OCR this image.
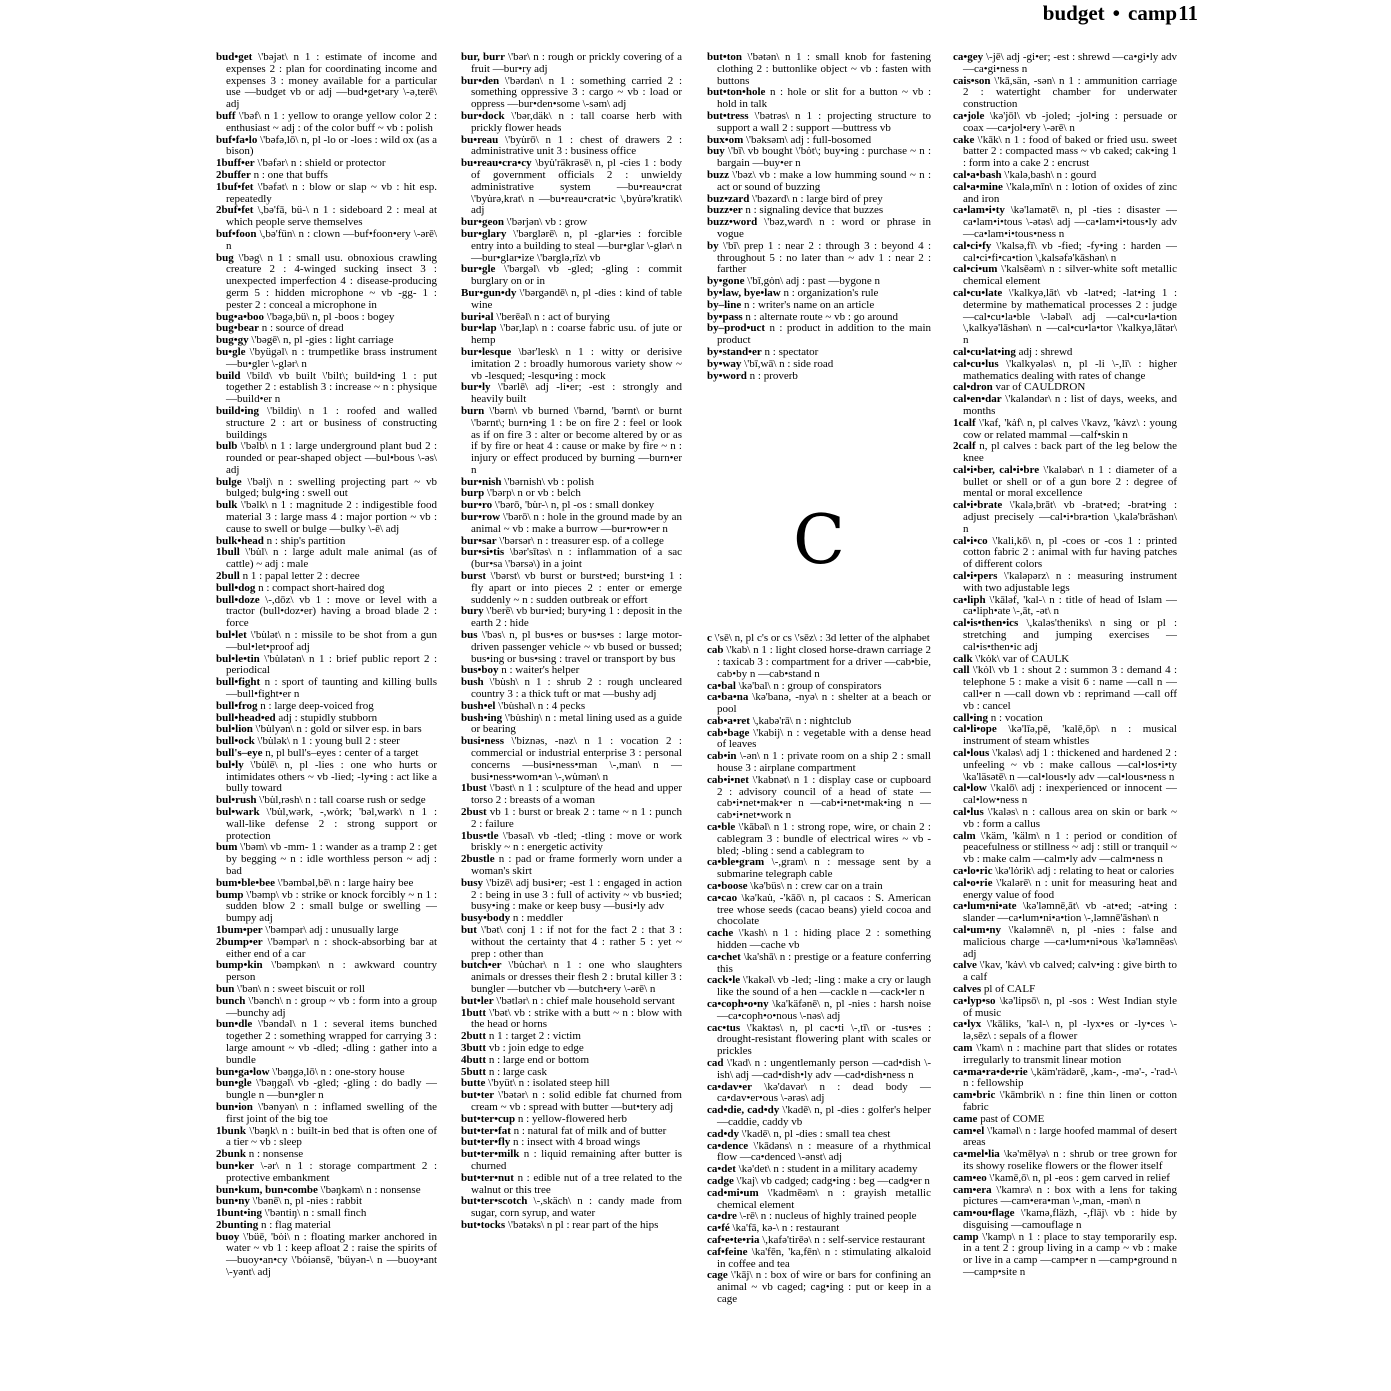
budget • camp 11

bud•get \'bəjət\ n 1 : estimate of income and expenses 2 : plan for coordinating income and expenses 3 : money available for a particular use —budget vb or adj —bud•get•ary \-ə,terē\ adj

buff \'bəf\ n 1 : yellow to orange yellow color 2 : enthusiast ~ adj : of the color buff ~ vb : polish

buf•fa•lo \'bəfə,lō\ n, pl -lo or -loes : wild ox (as a bison)

1buff•er \'bəfər\ n : shield or protector

2buffer n : one that buffs

1buf•fet \'bəfət\ n : blow or slap ~ vb : hit esp. repeatedly

2buf•fet \,bə'fā, bü-\ n 1 : sideboard 2 : meal at which people serve themselves

buf•foon \,bə'fün\ n : clown —buf•foon•ery \-ərē\ n

bug \'bəg\ n 1 : small usu. obnoxious crawling creature 2 : 4-winged sucking insect 3 : unexpected imperfection 4 : disease-producing germ 5 : hidden microphone ~ vb -gg- 1 : pester 2 : conceal a microphone in

bug•a•boo \'bəgə,bü\ n, pl -boos : bogey

bug•bear n : source of dread

bug•gy \'bəgē\ n, pl -gies : light carriage

bu•gle \'byügəl\ n : trumpetlike brass instrument —bu•gler \-glər\ n

build \'bild\ vb built \'bilt\; build•ing 1 : put together 2 : establish 3 : increase ~ n : physique —build•er n

build•ing \'bildiŋ\ n 1 : roofed and walled structure 2 : art or business of constructing buildings

bulb \'bəlb\ n 1 : large underground plant bud 2 : rounded or pear-shaped object —bul•bous \-əs\ adj

bulge \'bəlj\ n : swelling projecting part ~ vb bulged; bulg•ing : swell out

bulk \'bəlk\ n 1 : magnitude 2 : indigestible food material 3 : large mass 4 : major portion ~ vb : cause to swell or bulge —bulky \-ē\ adj

bulk•head n : ship's partition

1bull \'bu̇l\ n : large adult male animal (as of cattle) ~ adj : male

2bull n 1 : papal letter 2 : decree

bull•dog n : compact short-haired dog

bull•doze \-,dōz\ vb 1 : move or level with a tractor (bull•doz•er) having a broad blade 2 : force

bul•let \'bu̇lət\ n : missile to be shot from a gun —bul•let•proof adj

bul•le•tin \'bu̇lətən\ n 1 : brief public report 2 : periodical

bull•fight n : sport of taunting and killing bulls —bull•fight•er n

bull•frog n : large deep-voiced frog

bull•head•ed adj : stupidly stubborn

bul•lion \'bu̇lyən\ n : gold or silver esp. in bars

bull•ock \'bu̇lək\ n 1 : young bull 2 : steer

bull's–eye n, pl bull's–eyes : center of a target

bul•ly \'bu̇lē\ n, pl -lies : one who hurts or intimidates others ~ vb -lied; -ly•ing : act like a bully toward

bul•rush \'bu̇l,rəsh\ n : tall coarse rush or sedge

bul•wark \'bu̇l,wərk, -,wȯrk; 'bəl,wərk\ n 1 : wall-like defense 2 : strong support or protection

bum \'bəm\ vb -mm- 1 : wander as a tramp 2 : get by begging ~ n : idle worthless person ~ adj : bad

bum•ble•bee \'bəmbəl,bē\ n : large hairy bee

bump \'bəmp\ vb : strike or knock forcibly ~ n 1 : sudden blow 2 : small bulge or swelling —bumpy adj

1bum•per \'bəmpər\ adj : unusually large

2bump•er \'bəmpər\ n : shock-absorbing bar at either end of a car

bump•kin \'bəmpkən\ n : awkward country person

bun \'bən\ n : sweet biscuit or roll

bunch \'bənch\ n : group ~ vb : form into a group —bunchy adj

bun•dle \'bəndəl\ n 1 : several items bunched together 2 : something wrapped for carrying 3 : large amount ~ vb -dled; -dling : gather into a bundle

bun•ga•low \'bəŋgə,lō\ n : one-story house

bun•gle \'bəŋgəl\ vb -gled; -gling : do badly —bungle n —bun•gler n

bun•ion \'bənyən\ n : inflamed swelling of the first joint of the big toe

1bunk \'bəŋk\ n : built-in bed that is often one of a tier ~ vb : sleep

2bunk n : nonsense

bun•ker \-ər\ n 1 : storage compartment 2 : protective embankment

bun•kum, bun•combe \'bəŋkəm\ n : nonsense

bun•ny \'bənē\ n, pl -nies : rabbit

1bunt•ing \'bəntiŋ\ n : small finch

2bunting n : flag material

buoy \'büē, 'bȯi\ n : floating marker anchored in water ~ vb 1 : keep afloat 2 : raise the spirits of —buoy•an•cy \'bȯiənsē, 'büyən-\ n —buoy•ant \-yənt\ adj

bur, burr \'bər\ n : rough or prickly covering of a fruit —bur•ry adj

bur•den \'bərdən\ n 1 : something carried 2 : something oppressive 3 : cargo ~ vb : load or oppress —bur•den•some \-səm\ adj

bur•dock \'bər,däk\ n : tall coarse herb with prickly flower heads

bu•reau \'byu̇rō\ n 1 : chest of drawers 2 : administrative unit 3 : business office

bu•reau•cra•cy \byu̇'räkrəsē\ n, pl -cies 1 : body of government officials 2 : unwieldy administrative system —bu•reau•crat \'byu̇rə,krat\ n —bu•reau•crat•ic \,byu̇rə'kratik\ adj

bur•geon \'bərjən\ vb : grow

bur•glary \'bərglərē\ n, pl -glar•ies : forcible entry into a building to steal —bur•glar \-glər\ n —bur•glar•ize \'bərglə,rīz\ vb

bur•gle \'bərgəl\ vb -gled; -gling : commit burglary on or in

Bur•gun•dy \'bərgəndē\ n, pl -dies : kind of table wine

buri•al \'berēəl\ n : act of burying

bur•lap \'bər,lap\ n : coarse fabric usu. of jute or hemp

bur•lesque \bər'lesk\ n 1 : witty or derisive imitation 2 : broadly humorous variety show ~ vb -lesqued; -lesqu•ing : mock

bur•ly \'bərlē\ adj -li•er; -est : strongly and heavily built

burn \'bərn\ vb burned \'bərnd, 'bərnt\ or burnt \'bərnt\; burn•ing 1 : be on fire 2 : feel or look as if on fire 3 : alter or become altered by or as if by fire or heat 4 : cause or make by fire ~ n : injury or effect produced by burning —burn•er n

bur•nish \'bərnish\ vb : polish

burp \'bərp\ n or vb : belch

bur•ro \'bərō, 'bu̇r-\ n, pl -os : small donkey

bur•row \'bərō\ n : hole in the ground made by an animal ~ vb : make a burrow —bur•row•er n

bur•sar \'bərsər\ n : treasurer esp. of a college

bur•si•tis \bər'sītəs\ n : inflammation of a sac (bur•sa \'bərsə\) in a joint

burst \'bərst\ vb burst or burst•ed; burst•ing 1 : fly apart or into pieces 2 : enter or emerge suddenly ~ n : sudden outbreak or effort

bury \'berē\ vb bur•ied; bury•ing 1 : deposit in the earth 2 : hide

bus \'bəs\ n, pl bus•es or bus•ses : large motor-driven passenger vehicle ~ vb bused or bussed; bus•ing or bus•sing : travel or transport by bus

bus•boy n : waiter's helper

bush \'bu̇sh\ n 1 : shrub 2 : rough uncleared country 3 : a thick tuft or mat —bushy adj

bush•el \'bu̇shəl\ n : 4 pecks

bush•ing \'bu̇shiŋ\ n : metal lining used as a guide or bearing

busi•ness \'biznəs, -nəz\ n 1 : vocation 2 : commercial or industrial enterprise 3 : personal concerns —busi•ness•man \-,man\ n —busi•ness•wom•an \-,wu̇mən\ n

1bust \'bəst\ n 1 : sculpture of the head and upper torso 2 : breasts of a woman

2bust vb 1 : burst or break 2 : tame ~ n 1 : punch 2 : failure

1bus•tle \'bəsəl\ vb -tled; -tling : move or work briskly ~ n : energetic activity

2bustle n : pad or frame formerly worn under a woman's skirt

busy \'bizē\ adj busi•er; -est 1 : engaged in action 2 : being in use 3 : full of activity ~ vb bus•ied; busy•ing : make or keep busy —busi•ly adv

busy•body n : meddler

but \'bət\ conj 1 : if not for the fact 2 : that 3 : without the certainty that 4 : rather 5 : yet ~ prep : other than

butch•er \'bu̇chər\ n 1 : one who slaughters animals or dresses their flesh 2 : brutal killer 3 : bungler —butcher vb —butch•ery \-ərē\ n

but•ler \'bətlər\ n : chief male household servant

1butt \'bət\ vb : strike with a butt ~ n : blow with the head or horns

2butt n 1 : target 2 : victim

3butt vb : join edge to edge

4butt n : large end or bottom

5butt n : large cask

butte \'byüt\ n : isolated steep hill

but•ter \'bətər\ n : solid edible fat churned from cream ~ vb : spread with butter —but•tery adj

but•ter•cup n : yellow-flowered herb

but•ter•fat n : natural fat of milk and of butter

but•ter•fly n : insect with 4 broad wings

but•ter•milk n : liquid remaining after butter is churned

but•ter•nut n : edible nut of a tree related to the walnut or this tree

but•ter•scotch \-,skäch\ n : candy made from sugar, corn syrup, and water

but•tocks \'bətəks\ n pl : rear part of the hips

but•ton \'bətən\ n 1 : small knob for fastening clothing 2 : buttonlike object ~ vb : fasten with buttons

but•ton•hole n : hole or slit for a button ~ vb : hold in talk

but•tress \'bətrəs\ n 1 : projecting structure to support a wall 2 : support —buttress vb

bux•om \'bəksəm\ adj : full-bosomed

buy \'bī\ vb bought \'bȯt\; buy•ing : purchase ~ n : bargain —buy•er n

buzz \'bəz\ vb : make a low humming sound ~ n : act or sound of buzzing

buz•zard \'bəzərd\ n : large bird of prey

buzz•er n : signaling device that buzzes

buzz•word \'bəz,wərd\ n : word or phrase in vogue

by \'bī\ prep 1 : near 2 : through 3 : beyond 4 : throughout 5 : no later than ~ adv 1 : near 2 : farther

by•gone \'bī,gȯn\ adj : past —bygone n

by•law, bye•law n : organization's rule

by–line n : writer's name on an article

by•pass n : alternate route ~ vb : go around

by–prod•uct n : product in addition to the main product

by•stand•er n : spectator

by•way \'bī,wā\ n : side road

by•word n : proverb

C

c \'sē\ n, pl c's or cs \'sēz\ : 3d letter of the alphabet

cab \'kab\ n 1 : light closed horse-drawn carriage 2 : taxicab 3 : compartment for a driver —cab•bie, cab•by n —cab•stand n

ca•bal \kə'bal\ n : group of conspirators

ca•ba•na \kə'banə, -nyə\ n : shelter at a beach or pool

cab•a•ret \,kabə'rā\ n : nightclub

cab•bage \'kabij\ n : vegetable with a dense head of leaves

cab•in \-ən\ n 1 : private room on a ship 2 : small house 3 : airplane compartment

cab•i•net \'kabnət\ n 1 : display case or cupboard 2 : advisory council of a head of state —cab•i•net•mak•er n —cab•i•net•mak•ing n —cab•i•net•work n

ca•ble \'kābəl\ n 1 : strong rope, wire, or chain 2 : cablegram 3 : bundle of electrical wires ~ vb -bled; -bling : send a cablegram to

ca•ble•gram \-,gram\ n : message sent by a submarine telegraph cable

ca•boose \kə'büs\ n : crew car on a train

ca•cao \kə'kau̇, -'kāō\ n, pl cacaos : S. American tree whose seeds (cacao beans) yield cocoa and chocolate

cache \'kash\ n 1 : hiding place 2 : something hidden —cache vb

ca•chet \ka'shā\ n : prestige or a feature conferring this

cack•le \'kakəl\ vb -led; -ling : make a cry or laugh like the sound of a hen —cackle n —cack•ler n

ca•coph•o•ny \ka'käfənē\ n, pl -nies : harsh noise —ca•coph•o•nous \-nəs\ adj

cac•tus \'kaktəs\ n, pl cac•ti \-,tī\ or -tus•es : drought-resistant flowering plant with scales or prickles

cad \'kad\ n : ungentlemanly person —cad•dish \-ish\ adj —cad•dish•ly adv —cad•dish•ness n

ca•dav•er \kə'davər\ n : dead body —ca•dav•er•ous \-ərəs\ adj

cad•die, cad•dy \'kadē\ n, pl -dies : golfer's helper —caddie, caddy vb

cad•dy \'kadē\ n, pl -dies : small tea chest

ca•dence \'kādəns\ n : measure of a rhythmical flow —ca•denced \-ənst\ adj

ca•det \kə'det\ n : student in a military academy

cadge \'kaj\ vb cadged; cadg•ing : beg —cadg•er n

cad•mi•um \'kadmēəm\ n : grayish metallic chemical element

ca•dre \-rē\ n : nucleus of highly trained people

ca•fé \ka'fā, kə-\ n : restaurant

caf•e•te•ria \,kafə'tirēə\ n : self-service restaurant

caf•feine \ka'fēn, 'ka,fēn\ n : stimulating alkaloid in coffee and tea

cage \'kāj\ n : box of wire or bars for confining an animal ~ vb caged; cag•ing : put or keep in a cage

ca•gey \-jē\ adj -gi•er; -est : shrewd —ca•gi•ly adv —ca•gi•ness n

cais•son \'kā,sän, -sən\ n 1 : ammunition carriage 2 : watertight chamber for underwater construction

ca•jole \kə'jōl\ vb -joled; -jol•ing : persuade or coax —ca•jol•ery \-ərē\ n

cake \'kāk\ n 1 : food of baked or fried usu. sweet batter 2 : compacted mass ~ vb caked; cak•ing 1 : form into a cake 2 : encrust

cal•a•bash \'kalə,bash\ n : gourd

cal•a•mine \'kalə,mīn\ n : lotion of oxides of zinc and iron

ca•lam•i•ty \kə'lamətē\ n, pl -ties : disaster —ca•lam•i•tous \-ətəs\ adj —ca•lam•i•tous•ly adv —ca•lam•i•tous•ness n

cal•ci•fy \'kalsə,fī\ vb -fied; -fy•ing : harden —cal•ci•fi•ca•tion \,kalsəfə'kāshən\ n

cal•ci•um \'kalsēəm\ n : silver-white soft metallic chemical element

cal•cu•late \'kalkyə,lāt\ vb -lat•ed; -lat•ing 1 : determine by mathematical processes 2 : judge —cal•cu•la•ble \-ləbəl\ adj —cal•cu•la•tion \,kalkyə'lāshən\ n —cal•cu•la•tor \'kalkyə,lātər\ n

cal•cu•lat•ing adj : shrewd

cal•cu•lus \'kalkyələs\ n, pl -li \-,lī\ : higher mathematics dealing with rates of change

cal•dron var of CAULDRON

cal•en•dar \'kaləndər\ n : list of days, weeks, and months

1calf \'kaf, 'kȧf\ n, pl calves \'kavz, 'kȧvz\ : young cow or related mammal —calf•skin n

2calf n, pl calves : back part of the leg below the knee

cal•i•ber, cal•i•bre \'kaləbər\ n 1 : diameter of a bullet or shell or of a gun bore 2 : degree of mental or moral excellence

cal•i•brate \'kalə,brāt\ vb -brat•ed; -brat•ing : adjust precisely —cal•i•bra•tion \,kalə'brāshən\ n

cal•i•co \'kali,kō\ n, pl -coes or -cos 1 : printed cotton fabric 2 : animal with fur having patches of different colors

cal•i•pers \'kaləpərz\ n : measuring instrument with two adjustable legs

ca•liph \'kāləf, 'kal-\ n : title of head of Islam —ca•liph•ate \-,āt, -ət\ n

cal•is•then•ics \,kaləs'theniks\ n sing or pl : stretching and jumping exercises —cal•is•then•ic adj

calk \'kȯk\ var of CAULK

call \'kȯl\ vb 1 : shout 2 : summon 3 : demand 4 : telephone 5 : make a visit 6 : name —call n —call•er n —call down vb : reprimand —call off vb : cancel

call•ing n : vocation

cal•li•ope \kə'līə,pē, 'kalē,ōp\ n : musical instrument of steam whistles

cal•lous \'kaləs\ adj 1 : thickened and hardened 2 : unfeeling ~ vb : make callous —cal•los•i•ty \ka'läsətē\ n —cal•lous•ly adv —cal•lous•ness n

cal•low \'kalō\ adj : inexperienced or innocent —cal•low•ness n

cal•lus \'kaləs\ n : callous area on skin or bark ~ vb : form a callus

calm \'käm, 'kälm\ n 1 : period or condition of peacefulness or stillness ~ adj : still or tranquil ~ vb : make calm —calm•ly adv —calm•ness n

ca•lo•ric \kə'lȯrik\ adj : relating to heat or calories

cal•o•rie \'kalərē\ n : unit for measuring heat and energy value of food

ca•lum•ni•ate \kə'ləmnē,āt\ vb -at•ed; -at•ing : slander —ca•lum•ni•a•tion \-,ləmnē'āshən\ n

cal•um•ny \'kaləmnē\ n, pl -nies : false and malicious charge —ca•lum•ni•ous \kə'ləmnēəs\ adj

calve \'kav, 'kȧv\ vb calved; calv•ing : give birth to a calf

calves pl of CALF

ca•lyp•so \kə'lipsō\ n, pl -sos : West Indian style of music

ca•lyx \'kāliks, 'kal-\ n, pl -lyx•es or -ly•ces \-lə,sēz\ : sepals of a flower

cam \'kam\ n : machine part that slides or rotates irregularly to transmit linear motion

ca•ma•ra•de•rie \,käm'rädərē, ,kam-, -mə'-, -'rad-\ n : fellowship

cam•bric \'kāmbrik\ n : fine thin linen or cotton fabric

came past of COME

cam•el \'kaməl\ n : large hoofed mammal of desert areas

ca•mel•lia \kə'mēlyə\ n : shrub or tree grown for its showy roselike flowers or the flower itself

cam•eo \'kamē,ō\ n, pl -eos : gem carved in relief

cam•era \'kamrə\ n : box with a lens for taking pictures —cam•era•man \-,man, -mən\ n

cam•ou•flage \'kamə,fläzh, -,fläj\ vb : hide by disguising —camouflage n

camp \'kamp\ n 1 : place to stay temporarily esp. in a tent 2 : group living in a camp ~ vb : make or live in a camp —camp•er n —camp•ground n —camp•site n
